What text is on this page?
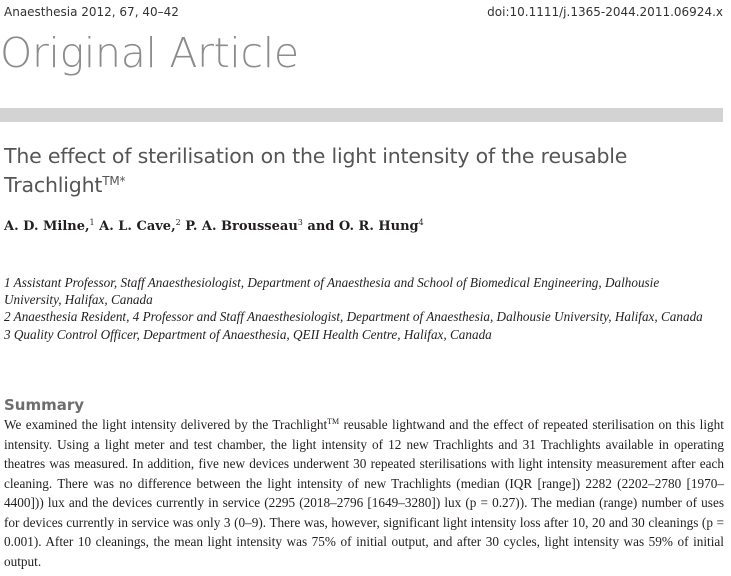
Anaesthesia 2012, 67, 40–42	doi:10.1111/j.1365-2044.2011.06924.x
Original Article
The effect of sterilisation on the light intensity of the reusable
Trachlight$^{TM*}$
A. D. Milne,$^1$ A. L. Cave,$^2$ P. A. Brousseau$^3$ and O. R. Hung$^4$
1 Assistant Professor, Staff Anaesthesiologist, Department of Anaesthesia and School of Biomedical Engineering, Dalhousie University, Halifax, Canada
2 Anaesthesia Resident, 4 Professor and Staff Anaesthesiologist, Department of Anaesthesia, Dalhousie University, Halifax, Canada
3 Quality Control Officer, Department of Anaesthesia, QEII Health Centre, Halifax, Canada
Summary
We examined the light intensity delivered by the Trachlight™ reusable lightwand and the effect of repeated sterilisation on this light intensity. Using a light meter and test chamber, the light intensity of 12 new Trachlights and 31 Trachlights available in operating theatres was measured. In addition, five new devices underwent 30 repeated sterilisations with light intensity measurement after each cleaning. There was no difference between the light intensity of new Trachlights (median (IQR [range]) 2282 (2202–2780 [1970–4400])) lux and the devices currently in service (2295 (2018–2796 [1649–3280]) lux (p = 0.27)). The median (range) number of uses for devices currently in service was only 3 (0–9). There was, however, significant light intensity loss after 10, 20 and 30 cleanings (p = 0.001). After 10 cleanings, the mean light intensity was 75% of initial output, and after 30 cycles, light intensity was 59% of initial output.
